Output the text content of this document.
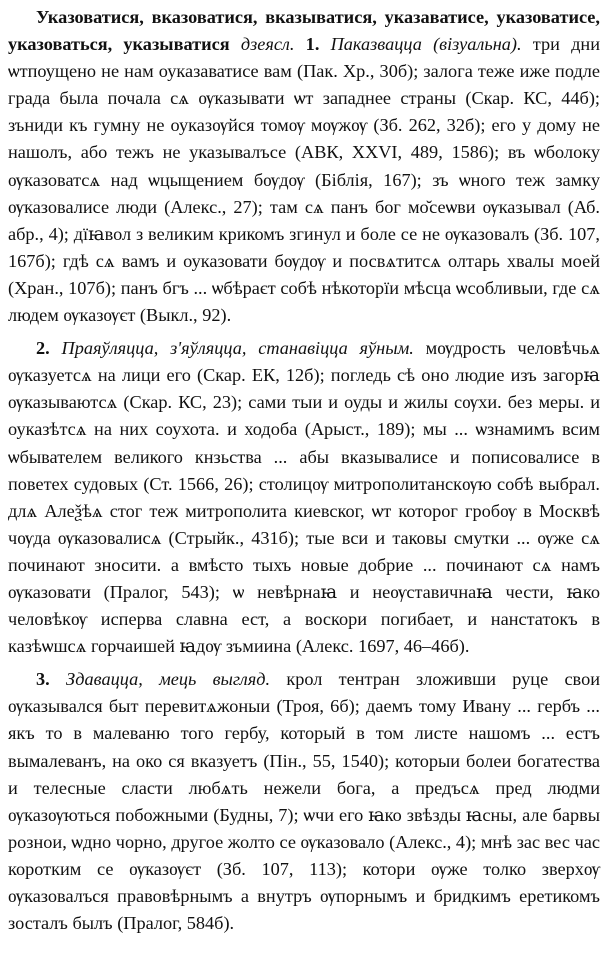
Указоватися, вказоватися, вказыватися, указаватисе, указоватисе, указоваться, указыватися дзеясл. 1. Паказвацца (візуальна). три дни ѡтпоущено не нам оуказаватисе вам (Пак. Хр., 30б); залога теже иже подле града была почала сѧ ѹказывати ѡт западнее страны (Скар. КС, 44б); зъниди къ гумну не оуказѹйся томѹ мѹжѹ (Зб. 262, 32б); его у дому не нашолъ, або тежъ не указывалъсе (АВК, XXVI, 489, 1586); въ ѡболоку ѹказоватсѧ над ѡцыщением бѹдѹ (Біблія, 167); зъ ѡного теж замку ѹказовалисе люди (Алекс., 27); там сѧ панъ бог мо̆сеѡви ѹказывал (Аб. абр., 4); дїꙗвол з великим крикомъ згинул и боле се не ѹказовалъ (Зб. 107, 167б); гдѣ сѧ вамъ и оуказовати бѹдѹ и посвѧтитсѧ олтарь хвалы моей (Хран., 107б); панъ бгъ ... ѡбѣраєт собѣ нѣкоторїи мѣсца ѡсобливыи, где сѧ людем ѹказѹєт (Выкл., 92).

2. Праяўляцца, з'яўляцца, станавіцца яўным. мѹдрость человѣчьѧ ѹказуетсѧ на лици его (Скар. ЕК, 12б); погледь сѣ оно людие изъ загорꙗ ѹказываютсѧ (Скар. КС, 23); сами тыи и оуды и жилы сѹхи. без меры. и оуказѣтсѧ на них соухота. и ходоба (Арыст., 189); мы ... ѡзнамимъ всим ѡбывателем великого кнзьства ... абы вказывалисе и пописовалисе в поветех судовых (Ст. 1566, 26); столицѹ митрополитанскѹю собѣ выбрал. длѧ Алеѯѣѧ стог теж митрополита киевског, ѡт которог гробѹ в Москвѣ чѹда ѹказовалисѧ (Стрыйк., 431б); тые вси и таковы смутки ... ѹже сѧ починают зносити. а вмѣсто тыхъ новые добрие ... починают сѧ намъ ѹказовати (Пралог, 543); ѡ невѣрнаꙗ и неѹставичнаꙗ чести, ꙗко человѣкѹ исперва славна ест, а воскори погибает, и нанстатокъ в казѣѡшсѧ горчаишей ꙗдѹ зъмиина (Алекс. 1697, 46–46б).

3. Здавацца, мець выгляд. крол тентран зложивши руце свои ѹказывался быт перевитѧжоныи (Троя, 6б); даемъ тому Ивану ... гербъ ... якъ то в малеваню того гербу, который в том листе нашомъ ... естъ вымалеванъ, на око ся вказуетъ (Пін., 55, 1540); которыи болеи богатества и телесные сласти любѧть нежели бога, а предъсѧ пред людми ѹказѹються побожными (Будны, 7); ѡчи его ꙗко звѣзды ꙗсны, але барвы рознои, ѡдно чорно, другое жолто се ѹказовало (Алекс., 4); мнѣ зас вес час коротким се ѹказѹєт (Зб. 107, 113); котори ѹже толко зверхѹ ѹказовалъся правовѣрнымъ а внутръ ѹпорнымъ и бридкимъ еретикомъ зосталъ былъ (Пралог, 584б).
